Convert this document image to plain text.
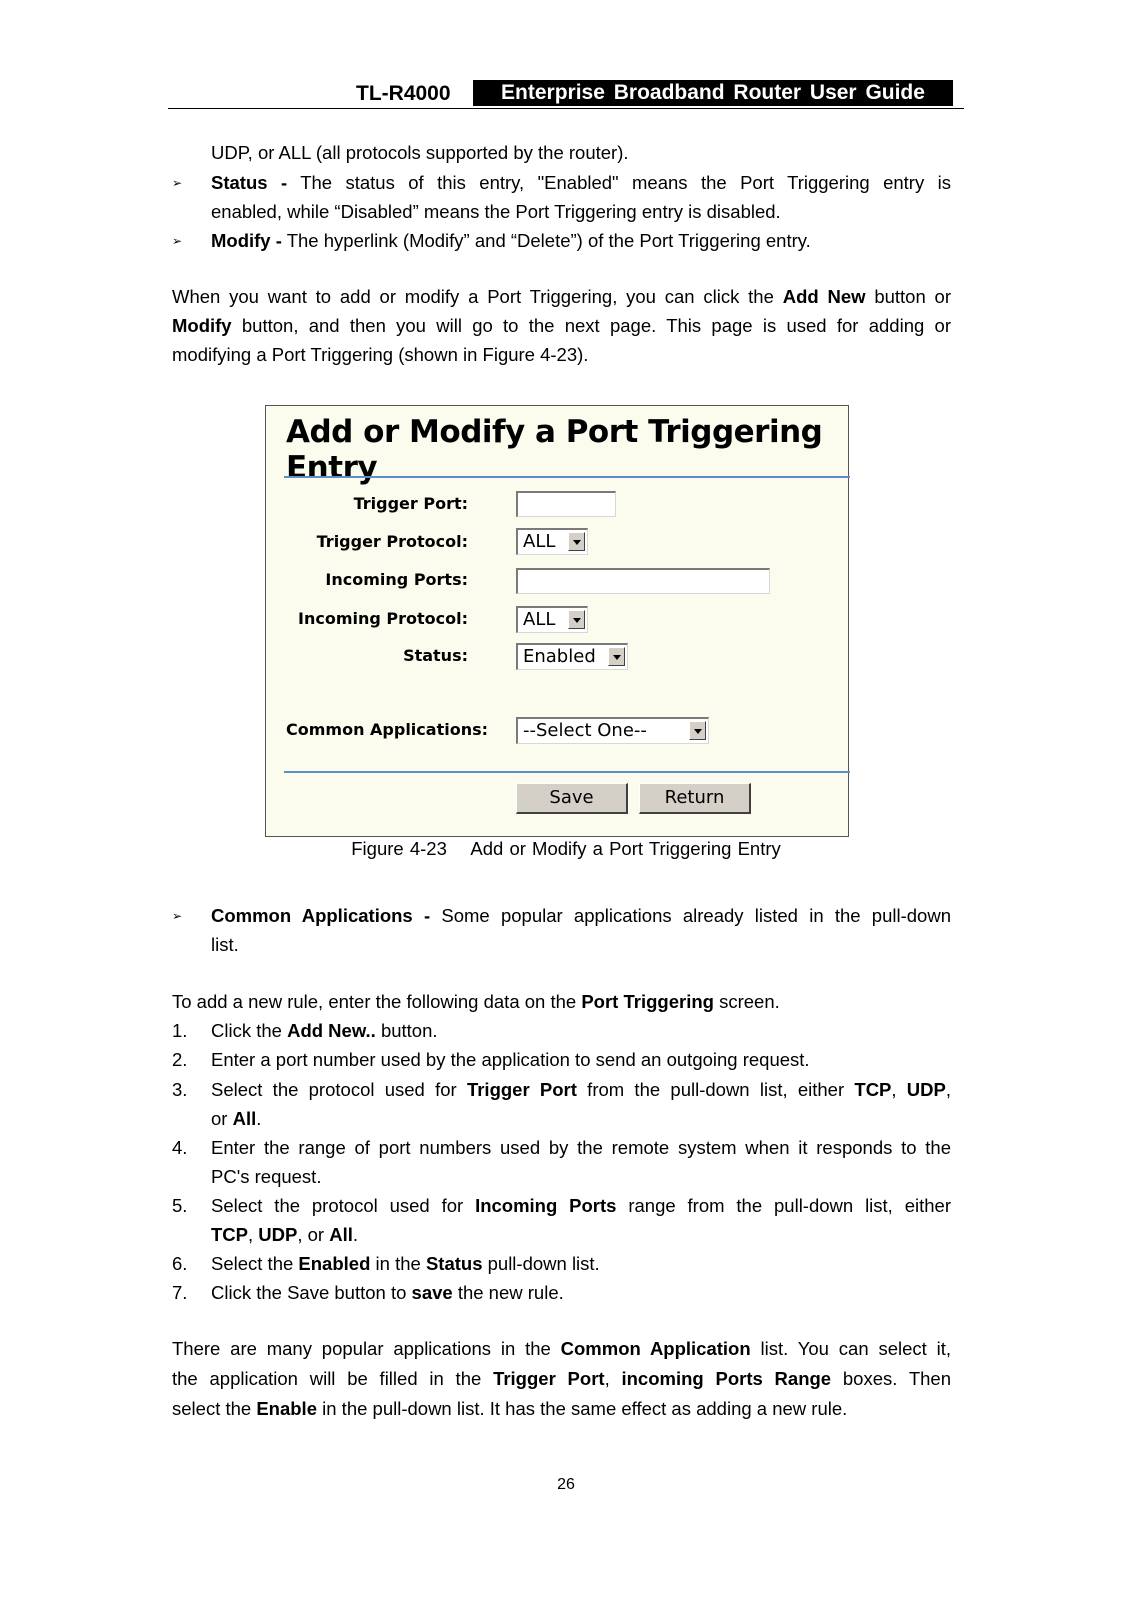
TL-R4000	Enterprise Broadband Router User Guide
UDP, or ALL (all protocols supported by the router).
➢ Status - The status of this entry, "Enabled" means the Port Triggering entry is
enabled, while “Disabled” means the Port Triggering entry is disabled.
➢ Modify - The hyperlink (Modify” and “Delete”) of the Port Triggering entry.
When you want to add or modify a Port Triggering, you can click the Add New button or
Modify button, and then you will go to the next page. This page is used for adding or
modifying a Port Triggering (shown in Figure 4-23).
Add or Modify a Port Triggering Entry
Trigger Port:
Trigger Protocol:	ALL
Incoming Ports:
Incoming Protocol:	ALL
Status:	Enabled
Common Applications:	--Select One--
Save	Return
Figure 4-23    Add or Modify a Port Triggering Entry
➢ Common Applications - Some popular applications already listed in the pull-down
list.
To add a new rule, enter the following data on the Port Triggering screen.
1. Click the Add New.. button.
2. Enter a port number used by the application to send an outgoing request.
3. Select the protocol used for Trigger Port from the pull-down list, either TCP, UDP,
or All.
4. Enter the range of port numbers used by the remote system when it responds to the
PC's request.
5. Select the protocol used for Incoming Ports range from the pull-down list, either
TCP, UDP, or All.
6. Select the Enabled in the Status pull-down list.
7. Click the Save button to save the new rule.
There are many popular applications in the Common Application list. You can select it,
the application will be filled in the Trigger Port, incoming Ports Range boxes. Then
select the Enable in the pull-down list. It has the same effect as adding a new rule.
26
